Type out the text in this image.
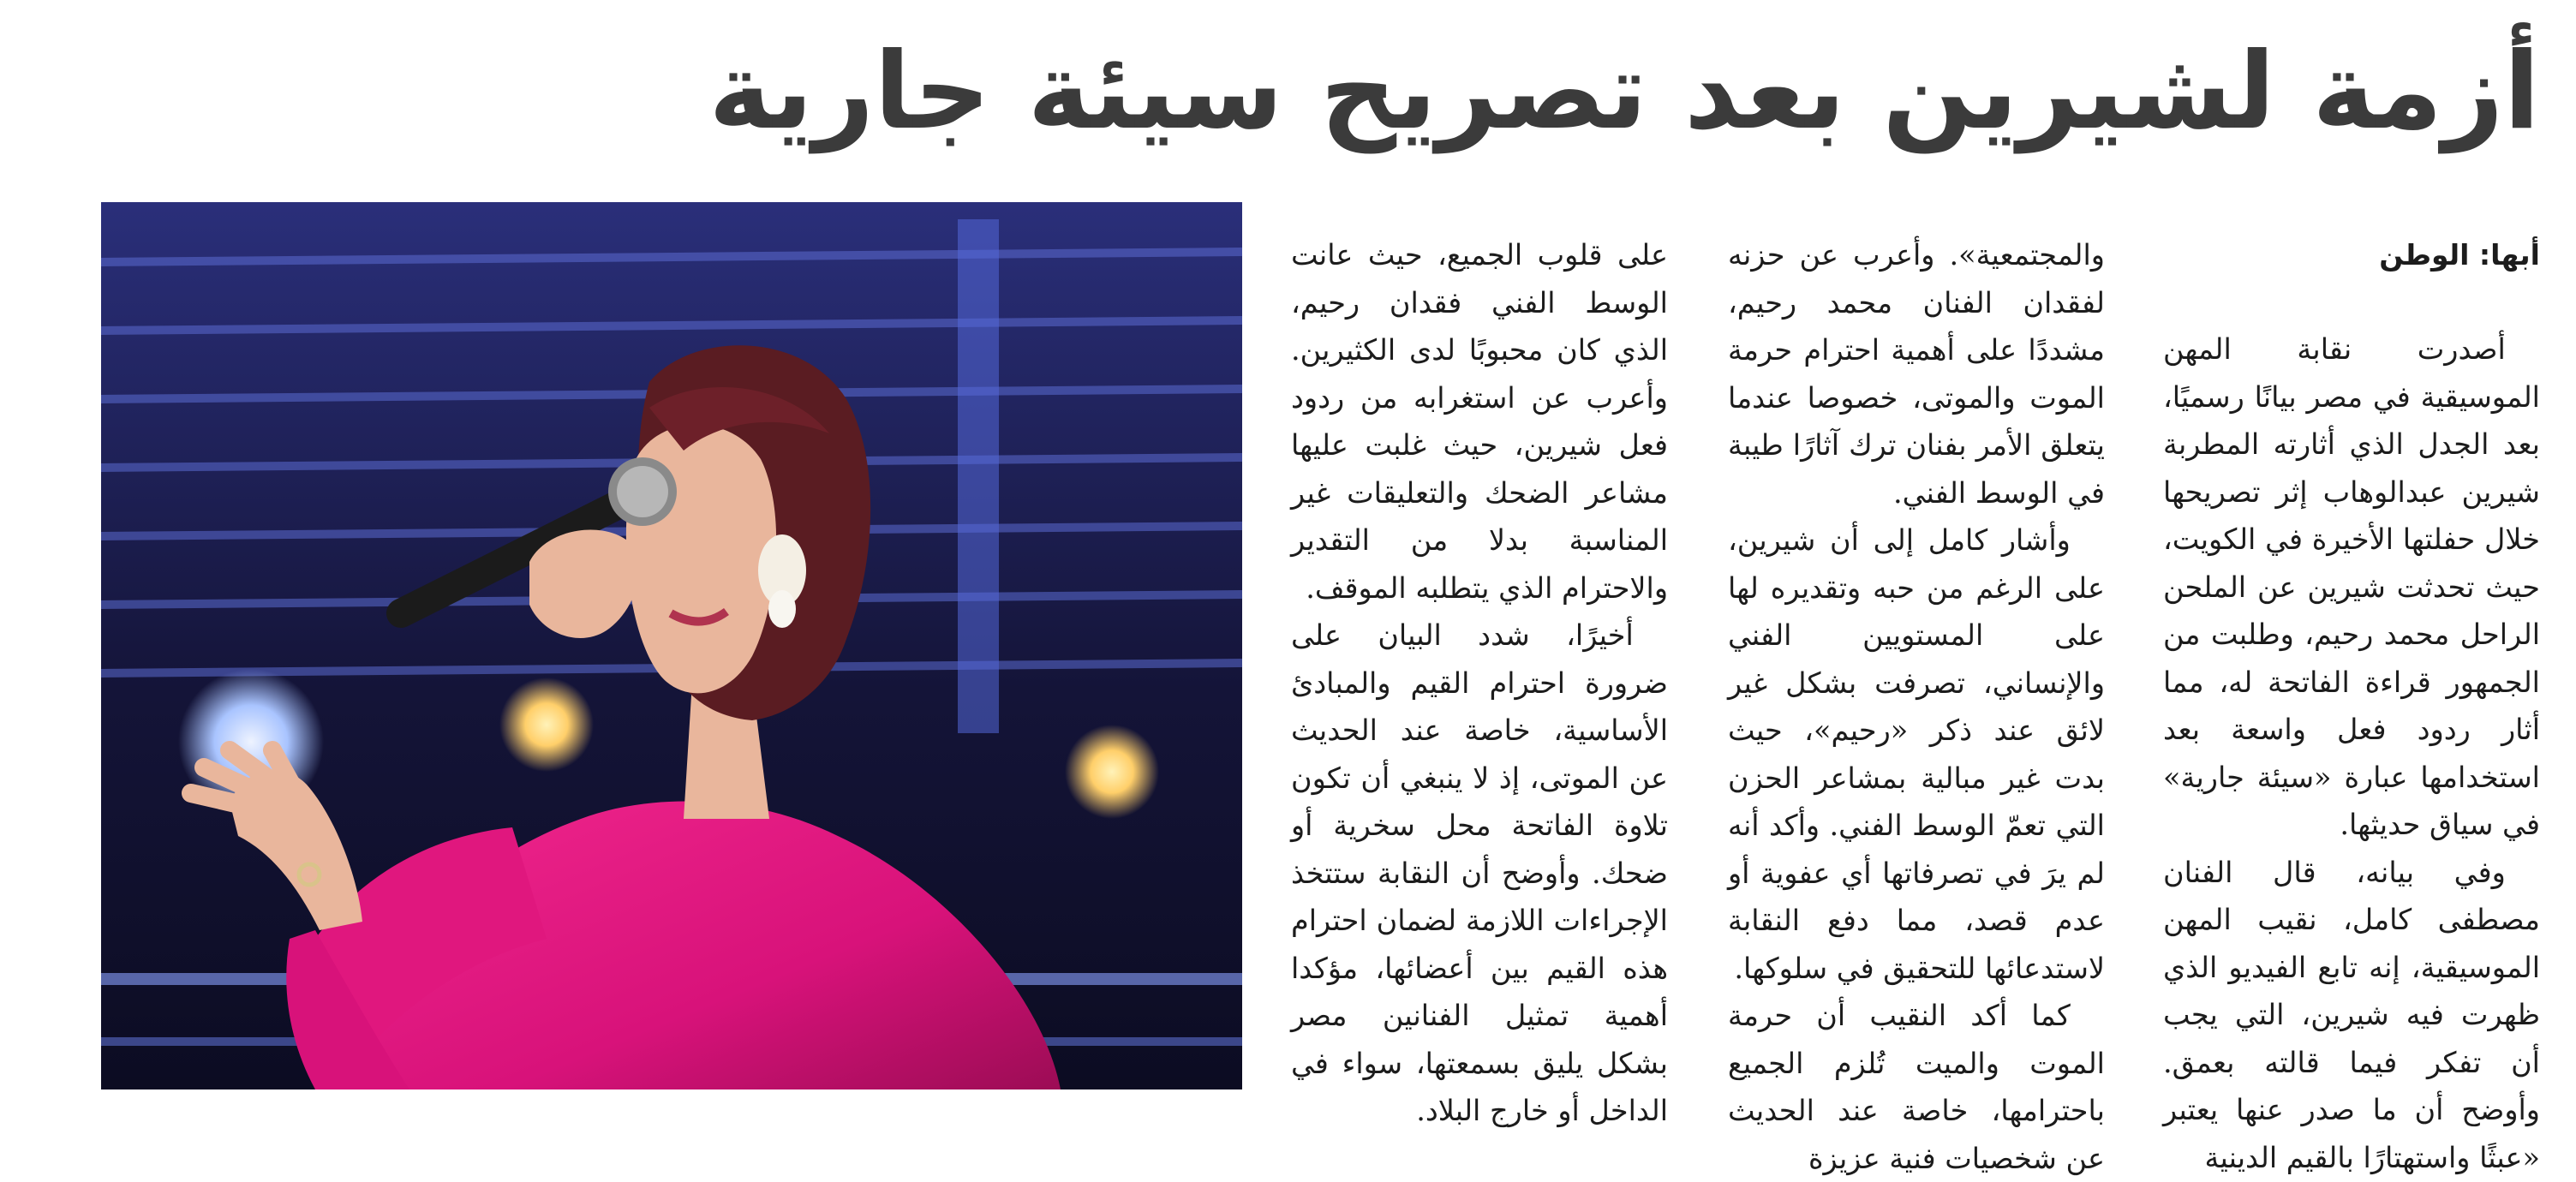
أزمة لشيرين بعد تصريح سيئة جارية
أبها: الوطن

أصدرت نقابة المهن الموسيقية في مصر بيانًا رسميًا، بعد الجدل الذي أثارته المطربة شيرين عبدالوهاب إثر تصريحها خلال حفلتها الأخيرة في الكويت، حيث تحدثت شيرين عن الملحن الراحل محمد رحيم، وطلبت من الجمهور قراءة الفاتحة له، مما أثار ردود فعل واسعة بعد استخدامها عبارة «سيئة جارية» في سياق حديثها.

وفي بيانه، قال الفنان مصطفى كامل، نقيب المهن الموسيقية، إنه تابع الفيديو الذي ظهرت فيه شيرين، التي يجب أن تفكر فيما قالته بعمق. وأوضح أن ما صدر عنها يعتبر «عبثًا واستهتارًا بالقيم الدينية

والمجتمعية». وأعرب عن حزنه لفقدان الفنان محمد رحيم، مشددًا على أهمية احترام حرمة الموت والموتى، خصوصا عندما يتعلق الأمر بفنان ترك آثارًا طيبة في الوسط الفني.

وأشار كامل إلى أن شيرين، على الرغم من حبه وتقديره لها على المستويين الفني والإنساني، تصرفت بشكل غير لائق عند ذكر «رحيم»، حيث بدت غير مبالية بمشاعر الحزن التي تعمّ الوسط الفني. وأكد أنه لم يرَ في تصرفاتها أي عفوية أو عدم قصد، مما دفع النقابة لاستدعائها للتحقيق في سلوكها.

كما أكد النقيب أن حرمة الموت والميت تُلزم الجميع باحترامها، خاصة عند الحديث عن شخصيات فنية عزيزة

على قلوب الجميع، حيث عانت الوسط الفني فقدان رحيم، الذي كان محبوبًا لدى الكثيرين. وأعرب عن استغرابه من ردود فعل شيرين، حيث غلبت عليها مشاعر الضحك والتعليقات غير المناسبة بدلا من التقدير والاحترام الذي يتطلبه الموقف.

أخيرًا، شدد البيان على ضرورة احترام القيم والمبادئ الأساسية، خاصة عند الحديث عن الموتى، إذ لا ينبغي أن تكون تلاوة الفاتحة محل سخرية أو ضحك. وأوضح أن النقابة ستتخذ الإجراءات اللازمة لضمان احترام هذه القيم بين أعضائها، مؤكدا أهمية تمثيل الفنانين مصر بشكل يليق بسمعتها، سواء في الداخل أو خارج البلاد.
